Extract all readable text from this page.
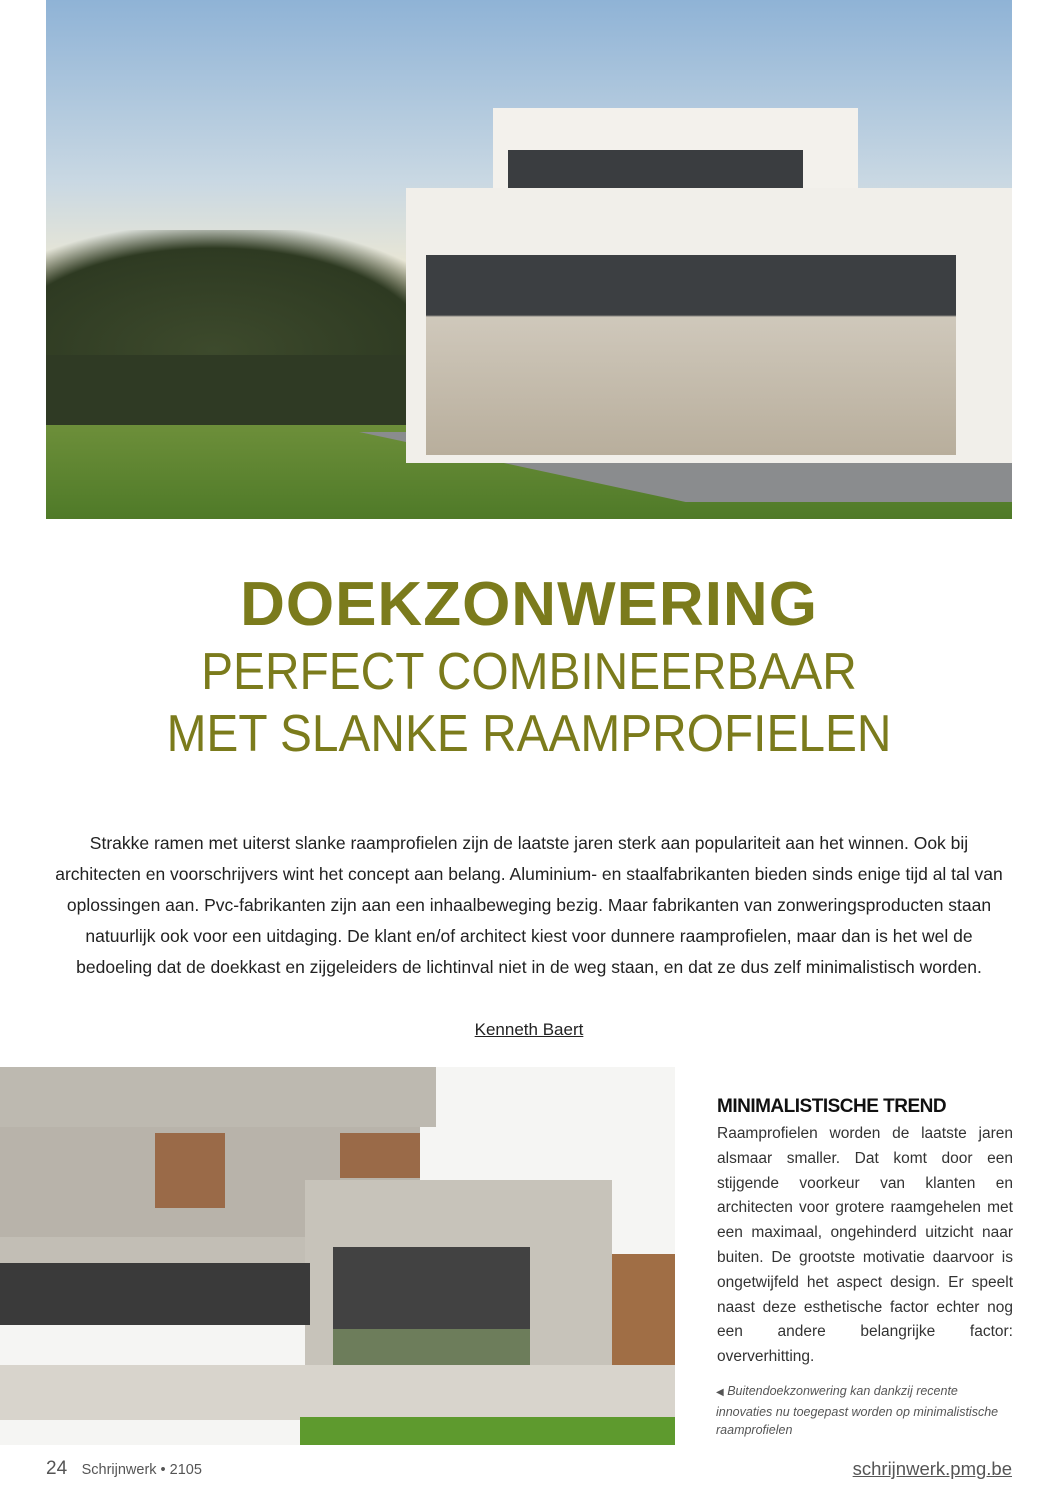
DOEKZONWERING
PERFECT COMBINEERBAAR
MET SLANKE RAAMPROFIELEN
Strakke ramen met uiterst slanke raamprofielen zijn de laatste jaren sterk aan populariteit aan het winnen. Ook bij architecten en voorschrijvers wint het concept aan belang. Aluminium- en staalfabrikanten bieden sinds enige tijd al tal van oplossingen aan. Pvc-fabrikanten zijn aan een inhaalbeweging bezig. Maar fabrikanten van zonweringsproducten staan natuurlijk ook voor een uitdaging. De klant en/of architect kiest voor dunnere raamprofielen, maar dan is het wel de bedoeling dat de doekkast en zijgeleiders de lichtinval niet in de weg staan, en dat ze dus zelf minimalistisch worden.
Kenneth Baert
MINIMALISTISCHE TREND

Raamprofielen worden de laatste jaren alsmaar smaller. Dat komt door een stijgende voorkeur van klanten en architecten voor grotere raamgehelen met een maximaal, ongehinderd uitzicht naar buiten. De grootste motivatie daarvoor is ongetwijfeld het aspect design. Er speelt naast deze esthetische factor echter nog een andere belangrijke factor: oververhitting.

◀ Buitendoekzonwering kan dankzij recente innovaties nu toegepast worden op minimalistische raamprofielen
24 Schrijnwerk • 2105	schrijnwerk.pmg.be
